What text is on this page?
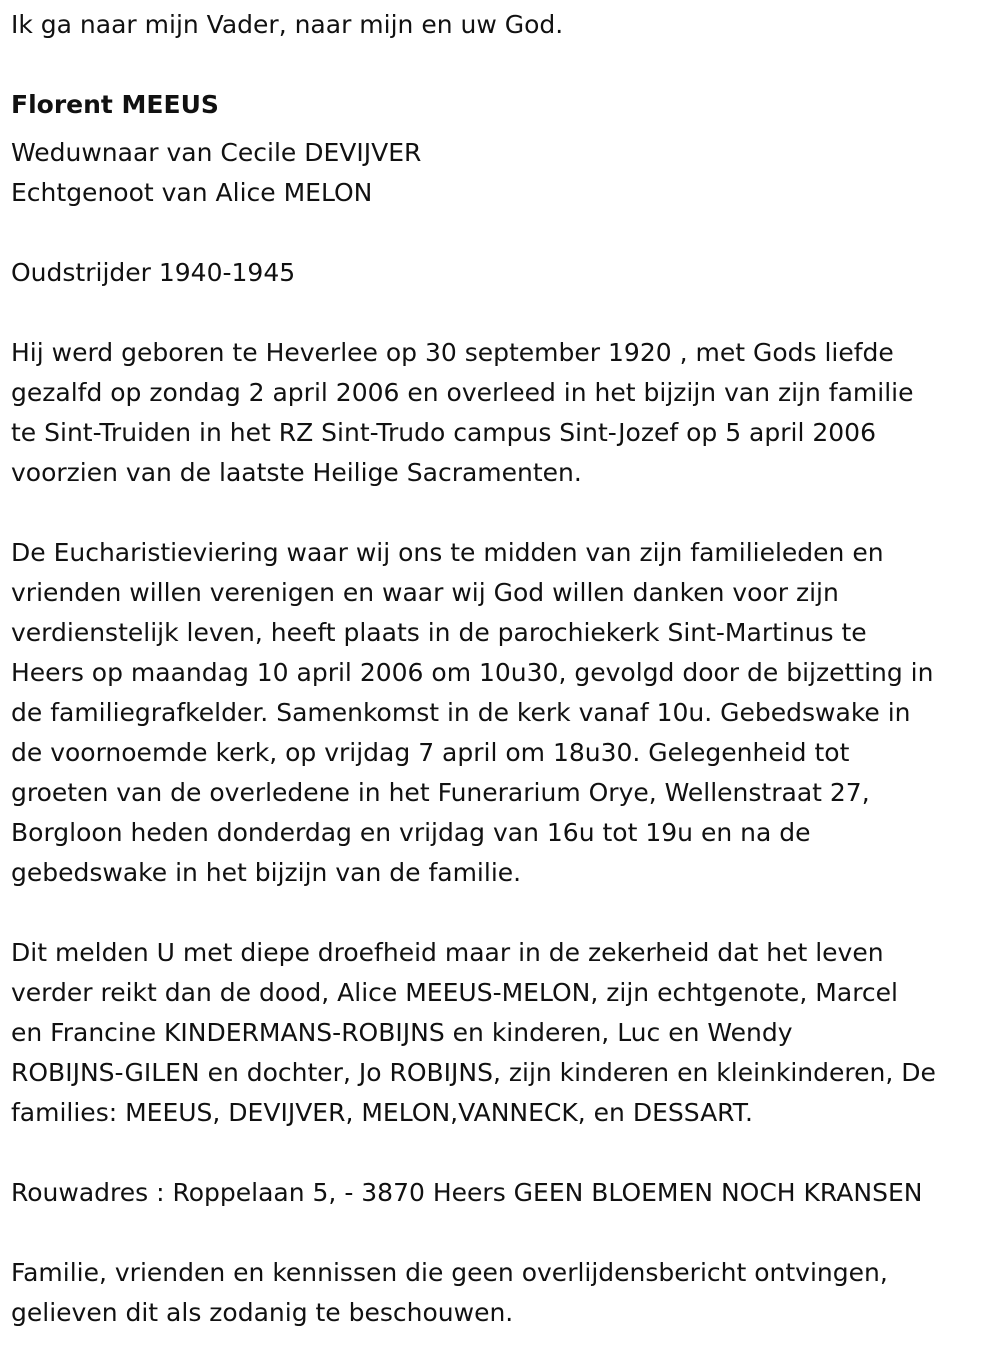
Ik ga naar mijn Vader, naar mijn en uw God.

Florent MEEUS

Weduwnaar van Cecile DEVIJVER

Echtgenoot van Alice MELON

Oudstrijder 1940-1945

Hij werd geboren te Heverlee op 30 september 1920 , met Gods liefde

gezalfd op zondag 2 april 2006 en overleed in het bijzijn van zijn familie

te Sint-Truiden in het RZ Sint-Trudo campus Sint-Jozef op 5 april 2006

voorzien van de laatste Heilige Sacramenten.

De Eucharistieviering waar wij ons te midden van zijn familieleden en

vrienden willen verenigen en waar wij God willen danken voor zijn

verdienstelijk leven, heeft plaats in de parochiekerk Sint-Martinus te

Heers op maandag 10 april 2006 om 10u30, gevolgd door de bijzetting in

de familiegrafkelder. Samenkomst in de kerk vanaf 10u. Gebedswake in

de voornoemde kerk, op vrijdag 7 april om 18u30. Gelegenheid tot

groeten van de overledene in het Funerarium Orye, Wellenstraat 27,

Borgloon heden donderdag en vrijdag van 16u tot 19u en na de

gebedswake in het bijzijn van de familie.

Dit melden U met diepe droefheid maar in de zekerheid dat het leven

verder reikt dan de dood, Alice MEEUS-MELON, zijn echtgenote, Marcel

en Francine KINDERMANS-ROBIJNS en kinderen, Luc en Wendy

ROBIJNS-GILEN en dochter, Jo ROBIJNS, zijn kinderen en kleinkinderen, De

families: MEEUS, DEVIJVER, MELON,VANNECK, en DESSART.

Rouwadres : Roppelaan 5, - 3870 Heers GEEN BLOEMEN NOCH KRANSEN

Familie, vrienden en kennissen die geen overlijdensbericht ontvingen,

gelieven dit als zodanig te beschouwen.
